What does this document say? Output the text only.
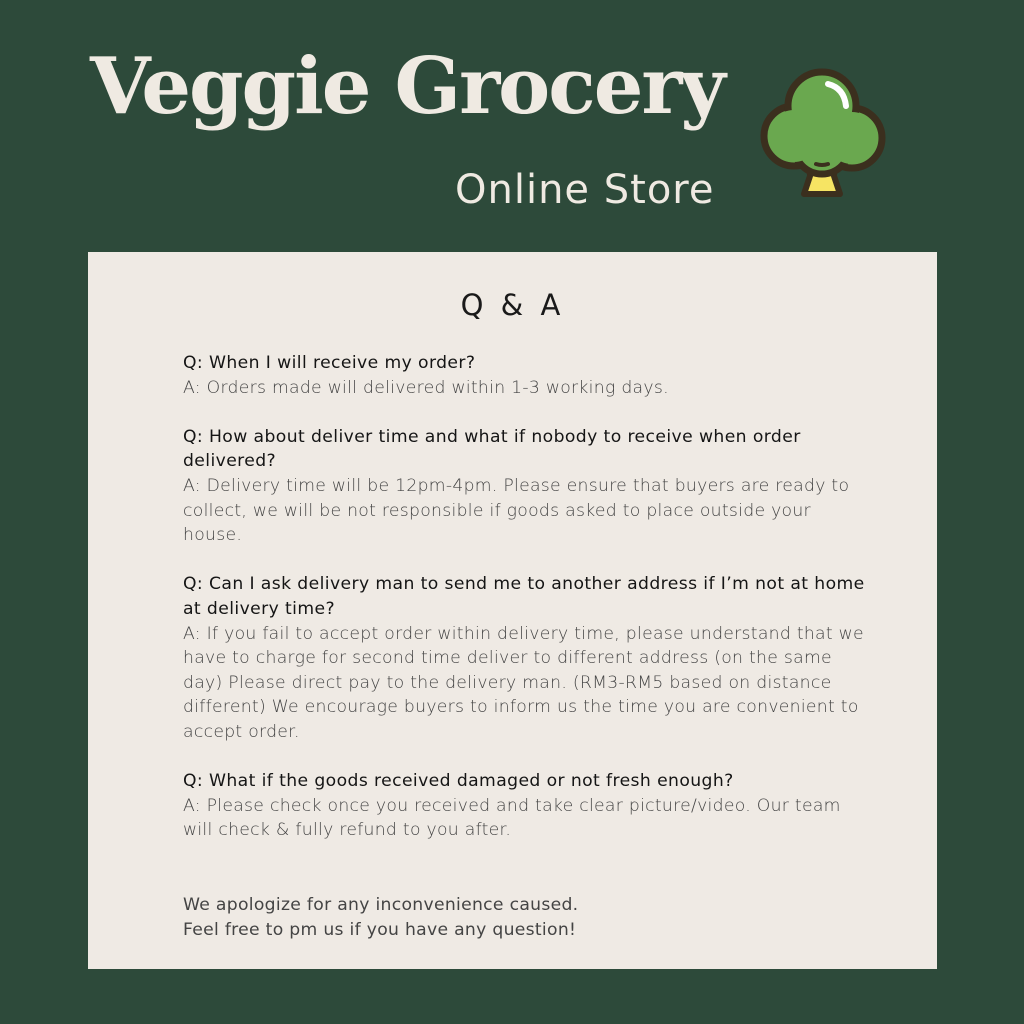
Veggie Grocery
Online Store
Q & A
Q: When I will receive my order?
A: Orders made will delivered within 1-3 working days.
Q: How about deliver time and what if nobody to receive when order delivered?
A: Delivery time will be 12pm-4pm. Please ensure that buyers are ready to collect, we will be not responsible if goods asked to place outside your house.
Q: Can I ask delivery man to send me to another address if I’m not at home at delivery time?
A: If you fail to accept order within delivery time, please understand that we have to charge for second time deliver to different address (on the same day) Please direct pay to the delivery man. (RM3-RM5 based on distance different) We encourage buyers to inform us the time you are convenient to accept order.
Q: What if the goods received damaged or not fresh enough?
A: Please check once you received and take clear picture/video. Our team will check & fully refund to you after.
We apologize for any inconvenience caused.
Feel free to pm us if you have any question!
